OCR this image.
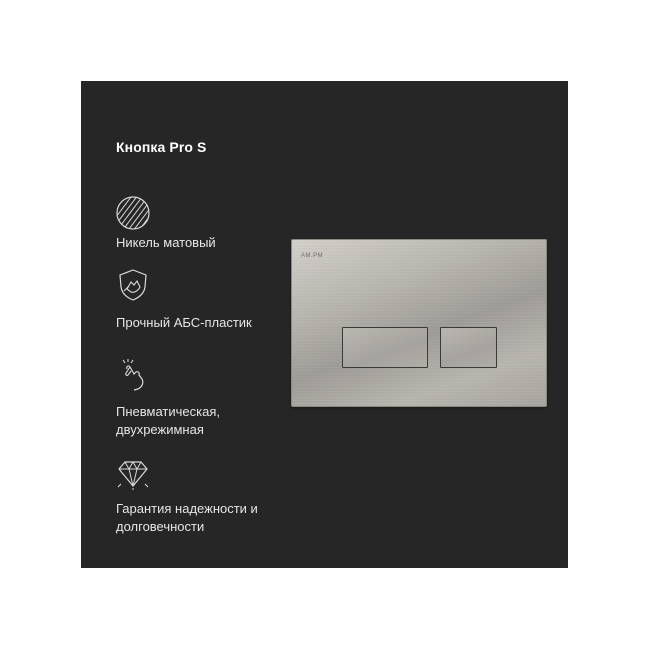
Кнопка Pro S
Никель матовый
Прочный АБС-пластик
Пневматическая,
двухрежимная
Гарантия надежности и
долговечности
AM.PM
